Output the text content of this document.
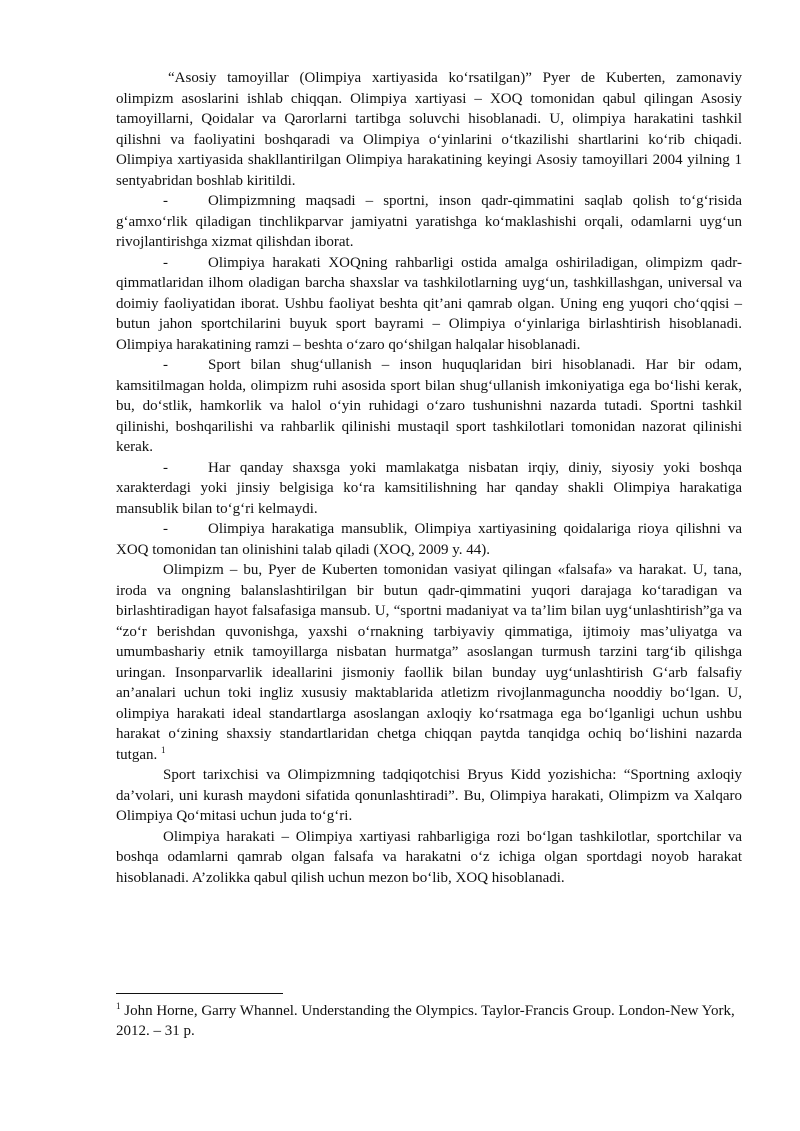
“Asosiy tamoyillar (Olimpiya xartiyasida ko‘rsatilgan)” Pyer de Kuberten, zamonaviy olimpizm asoslarini ishlab chiqqan. Olimpiya xartiyasi – XOQ tomonidan qabul qilingan Asosiy tamoyillarni, Qoidalar va Qarorlarni tartibga soluvchi hisoblanadi. U, olimpiya harakatini tashkil qilishni va faoliyatini boshqaradi va Olimpiya o‘yinlarini o‘tkazilishi shartlarini ko‘rib chiqadi. Olimpiya xartiyasida shakllantirilgan Olimpiya harakatining keyingi Asosiy tamoyillari 2004 yilning 1 sentyabridan boshlab kiritildi.

-	Olimpizmning maqsadi – sportni, inson qadr-qimmatini saqlab qolish to‘g‘risida g‘amxo‘rlik qiladigan tinchlikparvar jamiyatni yaratishga ko‘maklashishi orqali, odamlarni uyg‘un rivojlantirishga xizmat qilishdan iborat.

-	Olimpiya harakati XOQning rahbarligi ostida amalga oshiriladigan, olimpizm qadr-qimmatlaridan ilhom oladigan barcha shaxslar va tashkilotlarning uyg‘un, tashkillashgan, universal va doimiy faoliyatidan iborat. Ushbu faoliyat beshta qit’ani qamrab olgan. Uning eng yuqori cho‘qqisi – butun jahon sportchilarini buyuk sport bayrami – Olimpiya o‘yinlariga birlashtirish hisoblanadi. Olimpiya harakatining ramzi – beshta o‘zaro qo‘shilgan halqalar hisoblanadi.

-	Sport bilan shug‘ullanish – inson huquqlaridan biri hisoblanadi. Har bir odam, kamsitilmagan holda, olimpizm ruhi asosida sport bilan shug‘ullanish imkoniyatiga ega bo‘lishi kerak, bu, do‘stlik, hamkorlik va halol o‘yin ruhidagi o‘zaro tushunishni nazarda tutadi. Sportni tashkil qilinishi, boshqarilishi va rahbarlik qilinishi mustaqil sport tashkilotlari tomonidan nazorat qilinishi kerak.

-	Har qanday shaxsga yoki mamlakatga nisbatan irqiy, diniy, siyosiy yoki boshqa xarakterdagi yoki jinsiy belgisiga ko‘ra kamsitilishning har qanday shakli Olimpiya harakatiga mansublik bilan to‘g‘ri kelmaydi.

-	Olimpiya harakatiga mansublik, Olimpiya xartiyasining qoidalariga rioya qilishni va XOQ tomonidan tan olinishini talab qiladi (XOQ, 2009 y. 44).

Olimpizm – bu, Pyer de Kuberten tomonidan vasiyat qilingan «falsafa» va harakat. U, tana, iroda va ongning balanslashtirilgan bir butun qadr-qimmatini yuqori darajaga ko‘taradigan va birlashtiradigan hayot falsafasiga mansub. U, “sportni madaniyat va ta’lim bilan uyg‘unlashtirish”ga va “zo‘r berishdan quvonishga, yaxshi o‘rnakning tarbiyaviy qimmatiga, ijtimoiy mas’uliyatga va umumbashariy etnik tamoyillarga nisbatan hurmatga” asoslangan turmush tarzini targ‘ib qilishga uringan. Insonparvarlik ideallarini jismoniy faollik bilan bunday uyg‘unlashtirish G‘arb falsafiy an’analari uchun toki ingliz xususiy maktablarida atletizm rivojlanmaguncha nooddiy bo‘lgan. U, olimpiya harakati ideal standartlarga asoslangan axloqiy ko‘rsatmaga ega bo‘lganligi uchun ushbu harakat o‘zining shaxsiy standartlaridan chetga chiqqan paytda tanqidga ochiq bo‘lishini nazarda tutgan. $^1$

Sport tarixchisi va Olimpizmning tadqiqotchisi Bryus Kidd yozishicha: “Sportning axloqiy da’volari, uni kurash maydoni sifatida qonunlashtiradi”. Bu, Olimpiya harakati, Olimpizm va Xalqaro Olimpiya Qo‘mitasi uchun juda to‘g‘ri.

Olimpiya harakati – Olimpiya xartiyasi rahbarligiga rozi bo‘lgan tashkilotlar, sportchilar va boshqa odamlarni qamrab olgan falsafa va harakatni o‘z ichiga olgan sportdagi noyob harakat hisoblanadi. A’zolikka qabul qilish uchun mezon bo‘lib, XOQ hisoblanadi.

$^1$ John Horne, Garry Whannel. Understanding the Olympics. Taylor-Francis Group. London-New York, 2012. – 31 p.
